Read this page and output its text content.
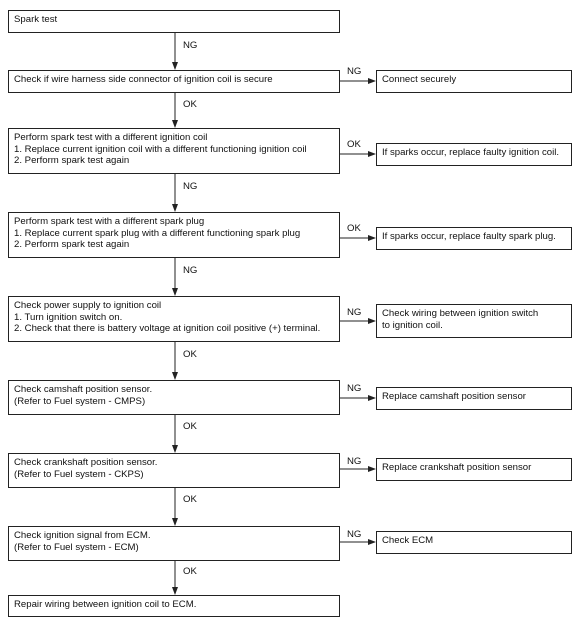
Spark test
Check if wire harness side connector of ignition coil is secure
Perform spark test with a different ignition coil
1. Replace current ignition coil with a different functioning ignition coil
2. Perform spark test again
Perform spark test with a different spark plug
1. Replace current spark plug with a different functioning spark plug
2. Perform spark test again
Check power supply to ignition coil
1. Turn ignition switch on.
2. Check that there is battery voltage at ignition coil positive (+) terminal.
Check camshaft position sensor.
(Refer to Fuel system - CMPS)
Check crankshaft position sensor.
(Refer to Fuel system - CKPS)
Check ignition signal from ECM.
(Refer to Fuel system - ECM)
Repair wiring between ignition coil to ECM.
Connect securely
If sparks occur, replace faulty ignition coil.
If sparks occur, replace faulty spark plug.
Check wiring between ignition switch
to ignition coil.
Replace camshaft position sensor
Replace crankshaft position sensor
Check ECM
NG
OK
NG
NG
OK
OK
OK
OK
NG
OK
OK
NG
NG
NG
NG
